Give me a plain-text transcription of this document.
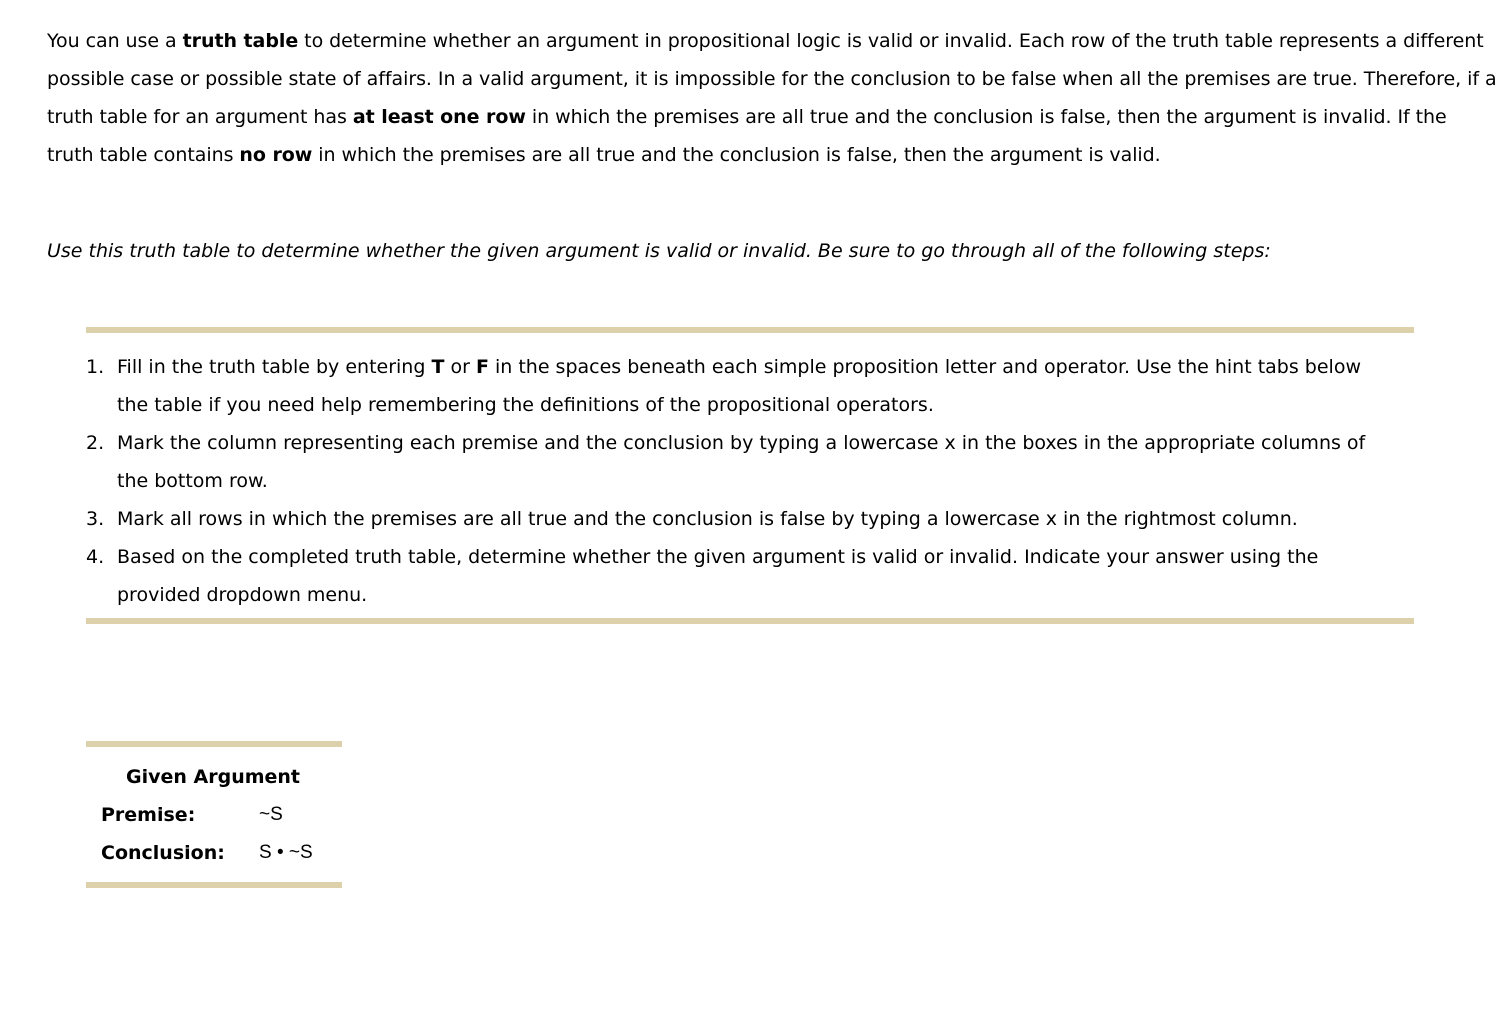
You can use a truth table to determine whether an argument in propositional logic is valid or invalid. Each row of the truth table represents a different possible case or possible state of affairs. In a valid argument, it is impossible for the conclusion to be false when all the premises are true. Therefore, if a truth table for an argument has at least one row in which the premises are all true and the conclusion is false, then the argument is invalid. If the truth table contains no row in which the premises are all true and the conclusion is false, then the argument is valid.

Use this truth table to determine whether the given argument is valid or invalid. Be sure to go through all of the following steps:

1. Fill in the truth table by entering T or F in the spaces beneath each simple proposition letter and operator. Use the hint tabs below the table if you need help remembering the definitions of the propositional operators.
2. Mark the column representing each premise and the conclusion by typing a lowercase x in the boxes in the appropriate columns of the bottom row.
3. Mark all rows in which the premises are all true and the conclusion is false by typing a lowercase x in the rightmost column.
4. Based on the completed truth table, determine whether the given argument is valid or invalid. Indicate your answer using the provided dropdown menu.
Given Argument
Premise:	~S
Conclusion: S • ~S
